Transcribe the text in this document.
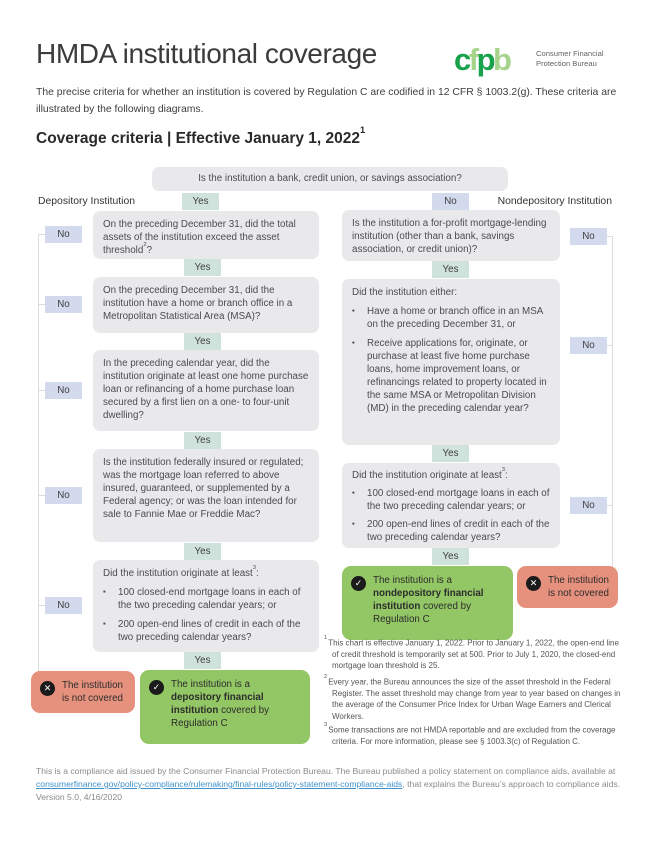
HMDA institutional coverage cfpb	Consumer Financial
Protection Bureau
The precise criteria for whether an institution is covered by Regulation C are codified in 12 CFR § 1003.2(g). These criteria are illustrated by the following diagrams.
Coverage criteria | Effective January 1, 2022$^1$
Is the institution a bank, credit union, or savings association?
Depository Institution	Nondepository Institution
Yes	No
On the preceding December 31, did the total assets of the institution exceed the asset threshold$^2$?
Yes
On the preceding December 31, did the institution have a home or branch office in a Metropolitan Statistical Area (MSA)?
Yes
In the preceding calendar year, did the institution originate at least one home purchase loan or refinancing of a home purchase loan secured by a first lien on a one- to four-unit dwelling?
Yes
Is the institution federally insured or regulated; was the mortgage loan referred to above insured, guaranteed, or supplemented by a Federal agency; or was the loan intended for sale to Fannie Mae or Freddie Mac?
Yes
Did the institution originate at least$^3$:
▪
100 closed-end mortgage loans in each of the two preceding calendar years; or
▪
200 open-end lines of credit in each of the two preceding calendar years?
Yes
No
No
No
No
No
✕	The institution is not covered
✓	The institution is a depository financial institution covered by Regulation C
Is the institution a for-profit mortgage-lending institution (other than a bank, savings association, or credit union)?
Yes
Did the institution either:
▪
Have a home or branch office in an MSA on the preceding December 31, or
▪
Receive applications for, originate, or purchase at least five home purchase loans, home improvement loans, or refinancings related to property located in the same MSA or Metropolitan Division (MD) in the preceding calendar year?
Yes
Did the institution originate at least$^3$:
▪
100 closed-end mortgage loans in each of the two preceding calendar years; or
▪
200 open-end lines of credit in each of the two preceding calendar years?
Yes
No
No
No
✓	The institution is a nondepository financial institution covered by Regulation C
✕	The institution is not covered
$^1$This chart is effective January 1, 2022. Prior to January 1, 2022, the open-end line of credit threshold is temporarily set at 500. Prior to July 1, 2020, the closed-end mortgage loan threshold is 25.
$^2$Every year, the Bureau announces the size of the asset threshold in the Federal Register. The asset threshold may change from year to year based on changes in the average of the Consumer Price Index for Urban Wage Earners and Clerical Workers.
$^3$Some transactions are not HMDA reportable and are excluded from the coverage criteria. For more information, please see § 1003.3(c) of Regulation C.
This is a compliance aid issued by the Consumer Financial Protection Bureau. The Bureau published a policy statement on compliance aids, available at consumerfinance.gov/policy-compliance/rulemaking/final-rules/policy-statement-compliance-aids, that explains the Bureau’s approach to compliance aids. Version 5.0, 4/16/2020
